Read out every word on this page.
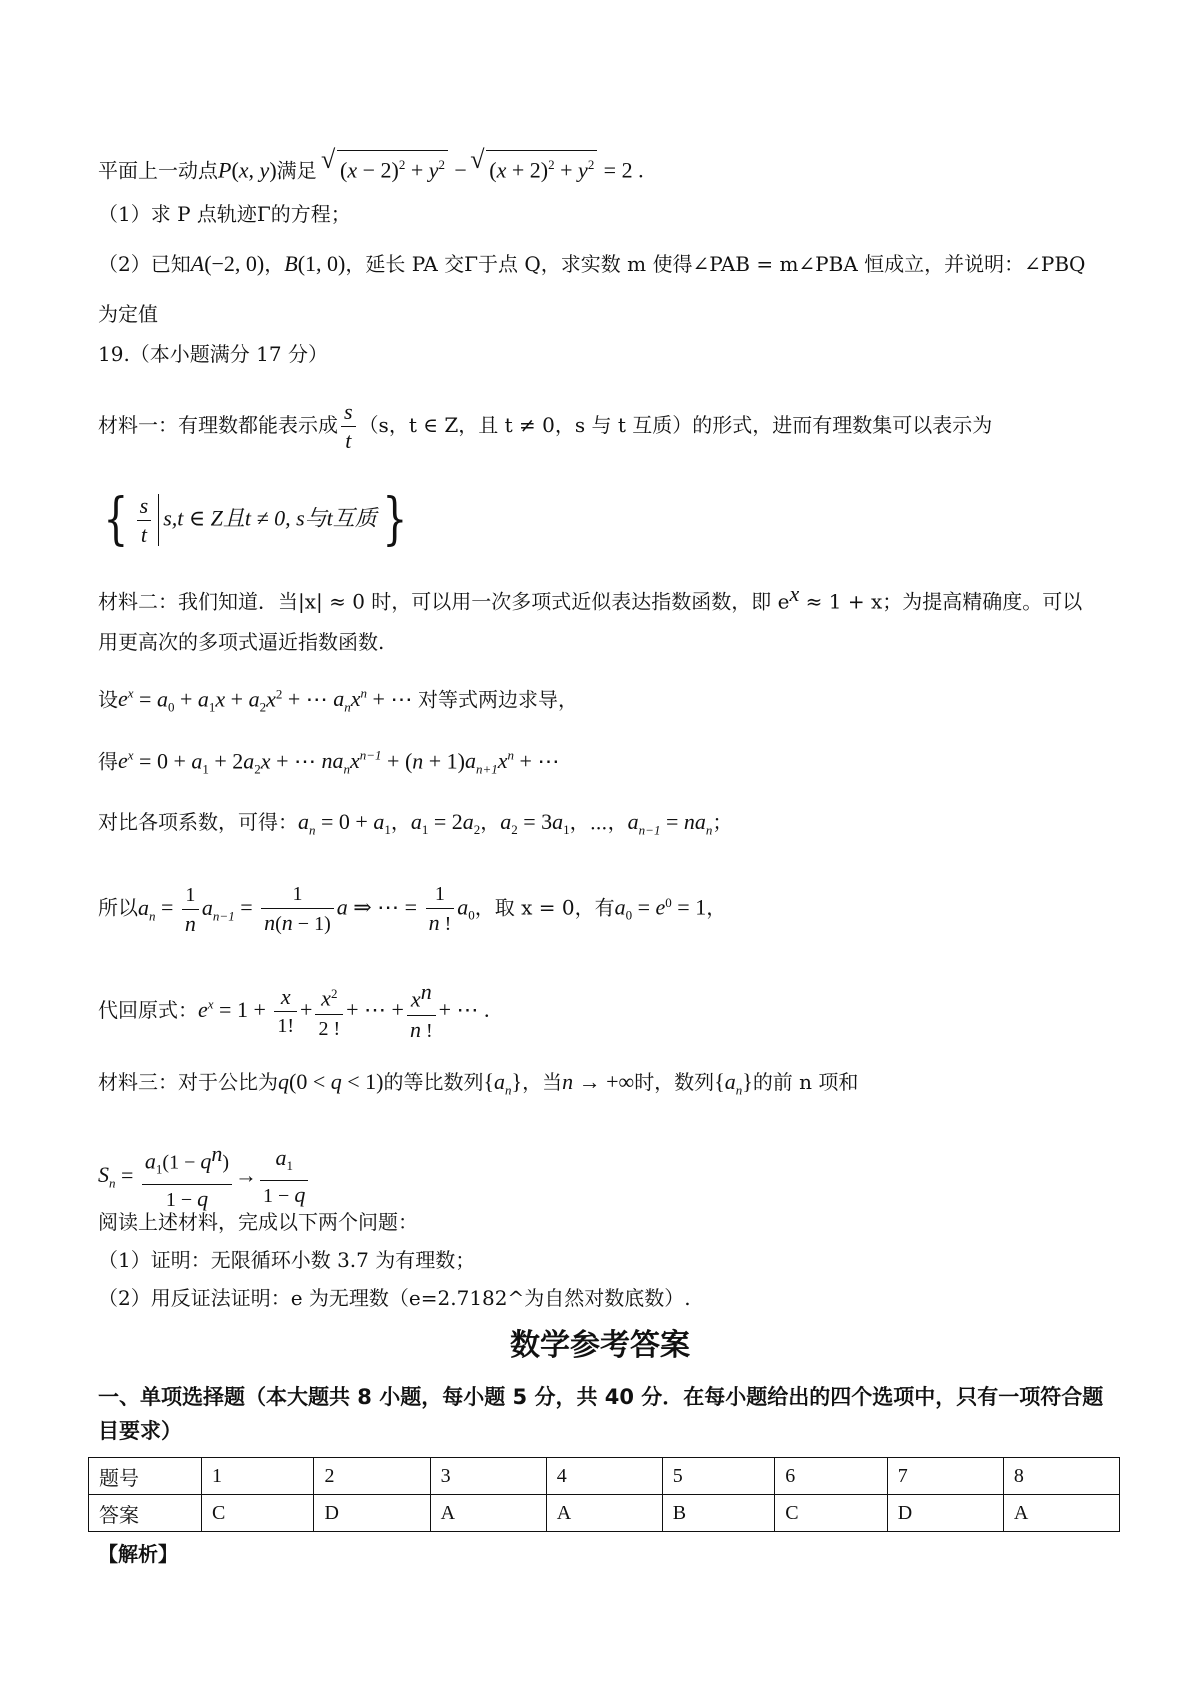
平面上一动点P(x, y)满足 √ $(x - 2)^2 + y^2$ − √ $(x + 2)^2 + y^2 = 2$ .
（1）求 P 点轨迹Γ的方程；
（2）已知A(−2, 0)，B(1, 0)，延长 PA 交Γ于点 Q，求实数 m 使得∠PAB = m∠PBA 恒成立，并说明：∠PBQ
为定值
19.（本小题满分 17 分）
材料一：有理数都能表示成 $\frac{s}{t} (s$，t ∈ Z，且 t ≠ 0，s 与 t 互质）的形式，进而有理数集可以表示为
{ $\frac{s}{t} s,t$ ∈ Z且t ≠ 0, s与t互质}
材料二：我们知道．当|x| ≈ 0 时，可以用一次多项式近似表达指数函数，即 $e^x \approx 1 + x$；为提高精确度。可以
用更高次的多项式逼近指数函数.
设$e^x = a_0 + a_1x + a_2x^2$ + ⋯ $a_nx^n$ + ⋯ 对等式两边求导，
得$e^x = 0 + a_1 + 2a_2x$ + ⋯ $na_nx^{n-1} + (n + 1)a_{n+1}x^n$ + ⋯
对比各项系数，可得：$a_n = 0 + a_1$，$a_1 = 2a_2$，$a_2 = 3a_1$，⋯，$a_{n-1} = na_n$；
所以$a_n = \frac{1}{n} a_{n-1} = \frac{1}{n(n - 1)}$ a ⇒ ⋯ = $\frac{1}{n !} a_0$，取 x = 0，有$a_0 = e^0 = 1$，
代回原式：$e^x = 1 + \frac{x}{1!} + \frac{x^2}{2 !}$ + ⋯ + $\frac{x^n}{n !}$ + ⋯ .
材料三：对于公比为q(0 < q < 1)的等比数列$\{a_n\}$，当n → +∞时，数列$\{a_n\}$的前 n 项和
$S_n = \frac{a_1(1 - q^n)}{1 - q} \to \frac{a_1}{1 - q}$
阅读上述材料，完成以下两个问题：
（1）证明：无限循环小数 3.7 为有理数；
（2）用反证法证明：e 为无理数（e=2.7182^为自然对数底数）.
数学参考答案
一、单项选择题（本大题共 8 小题，每小题 5 分，共 40 分．在每小题给出的四个选项中，只有一项符合题目要求）
题号	1	2	3	4	5	6	7	8
答案	C	D	A	A	B	C	D	A
【解析】
